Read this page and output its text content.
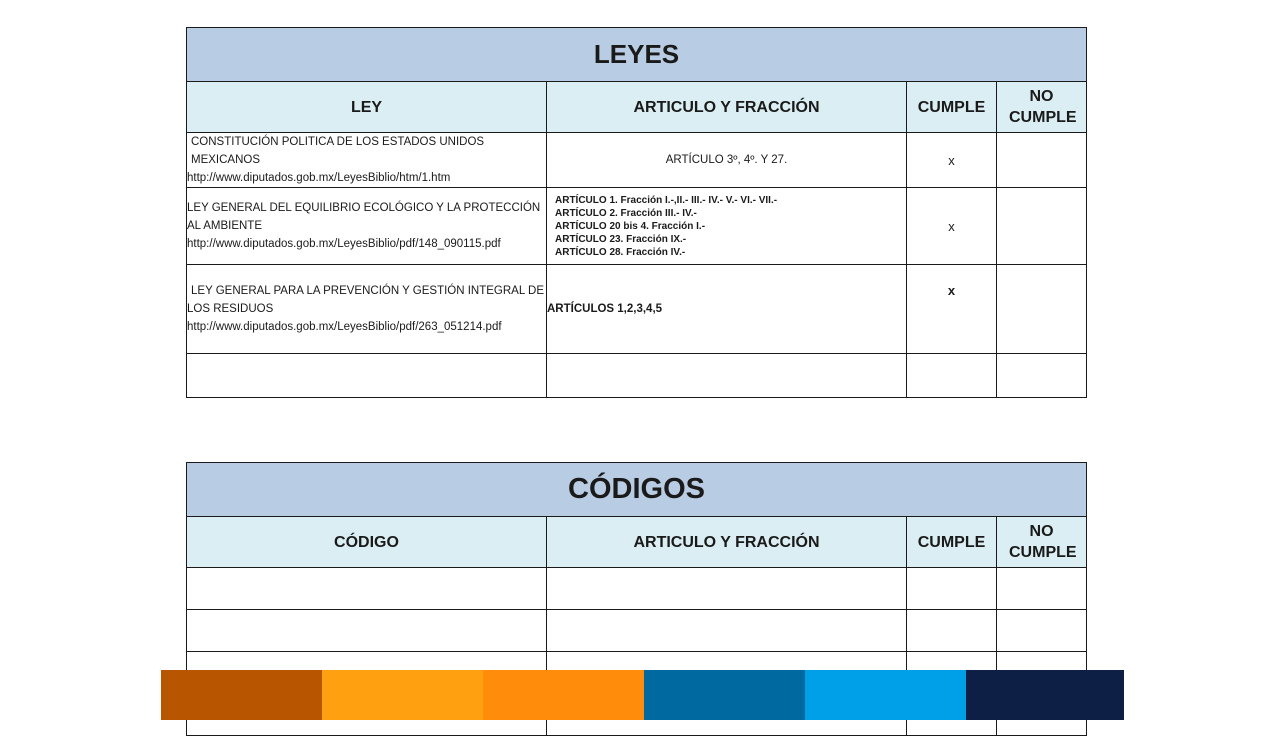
LEYES			
LEY	ARTICULO Y FRACCIÓN	CUMPLE	NO CUMPLE

CONSTITUCIÓN POLITICA DE LOS ESTADOS UNIDOS MEXICANOS
http://www.diputados.gob.mx/LeyesBiblio/htm/1.htm	ARTÍCULO 3º, 4º. Y 27.	x	

LEY GENERAL DEL EQUILIBRIO ECOLÓGICO Y LA PROTECCIÓN AL AMBIENTE
http://www.diputados.gob.mx/LeyesBiblio/pdf/148_090115.pdf	ARTÍCULO 1. Fracción I.-,II.- III.- IV.- V.- VI.- VII.-
ARTÍCULO 2. Fracción III.- IV.-
ARTÍCULO 20 bis 4. Fracción I.-
ARTÍCULO 23. Fracción IX.-
ARTÍCULO 28. Fracción IV.-	x	

LEY GENERAL PARA LA PREVENCIÓN Y GESTIÓN INTEGRAL DE LOS RESIDUOS
http://www.diputados.gob.mx/LeyesBiblio/pdf/263_051214.pdf	ARTÍCULOS 1,2,3,4,5	x	

CÓDIGOS			
CÓDIGO	ARTICULO Y FRACCIÓN	CUMPLE	NO CUMPLE
